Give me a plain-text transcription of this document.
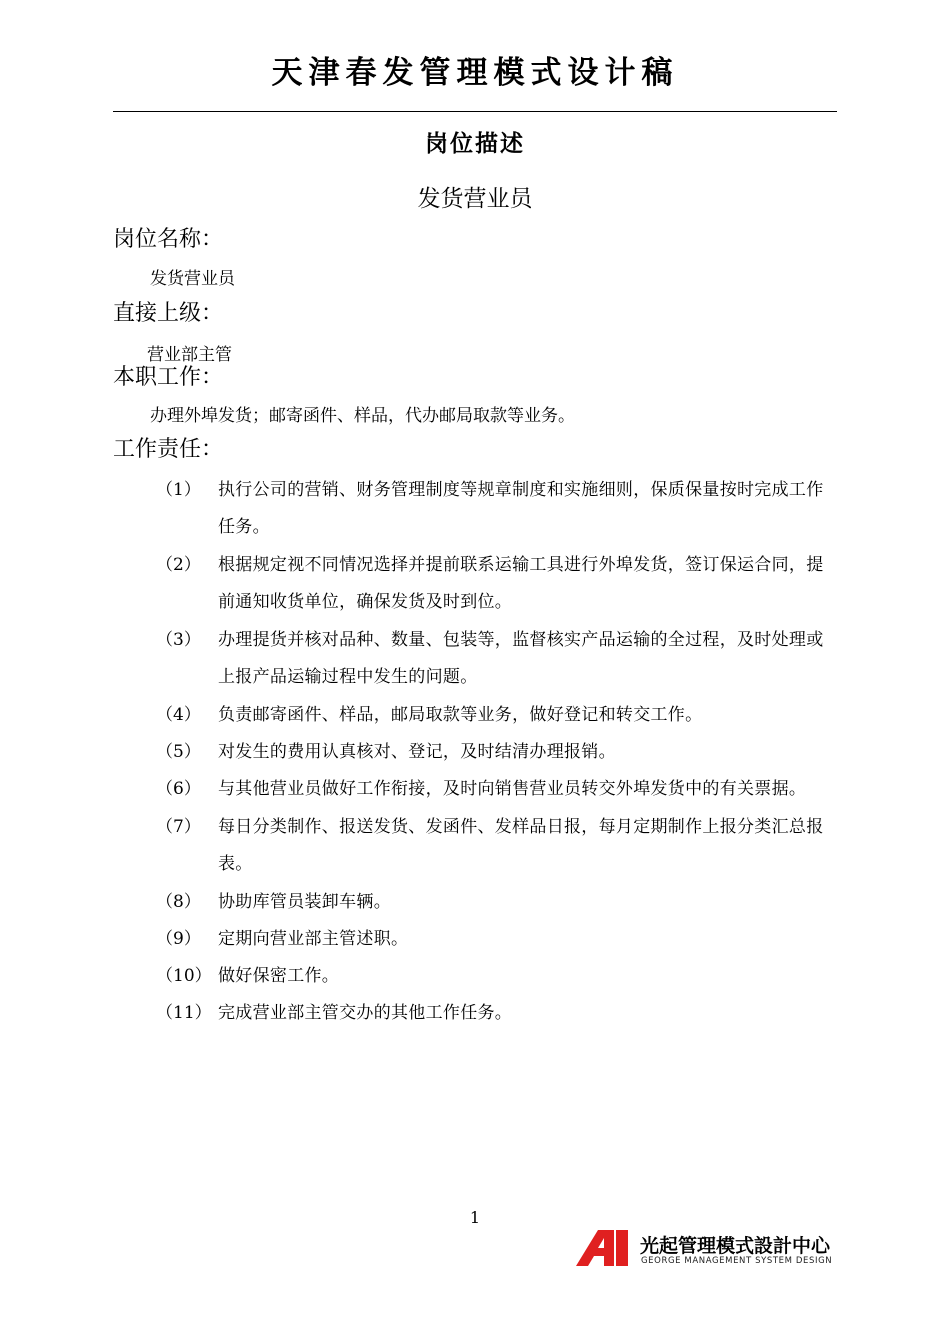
天津春发管理模式设计稿
岗位描述
发货营业员
岗位名称：
发货营业员
直接上级：
营业部主管
本职工作：
办理外埠发货；邮寄函件、样品，代办邮局取款等业务。
工作责任：
（1）	执行公司的营销、财务管理制度等规章制度和实施细则，保质保量按时完成工作任务。
（2）	根据规定视不同情况选择并提前联系运输工具进行外埠发货，签订保运合同，提前通知收货单位，确保发货及时到位。
（3）	办理提货并核对品种、数量、包装等，监督核实产品运输的全过程，及时处理或上报产品运输过程中发生的问题。
（4）	负责邮寄函件、样品，邮局取款等业务，做好登记和转交工作。
（5）	对发生的费用认真核对、登记，及时结清办理报销。
（6）	与其他营业员做好工作衔接，及时向销售营业员转交外埠发货中的有关票据。
（7）	每日分类制作、报送发货、发函件、发样品日报，每月定期制作上报分类汇总报表。
（8）	协助库管员装卸车辆。
（9）	定期向营业部主管述职。
（10） 做好保密工作。
（11） 完成营业部主管交办的其他工作任务。
1
光起管理模式設計中心
GEORGE MANAGEMENT SYSTEM DESIGN
